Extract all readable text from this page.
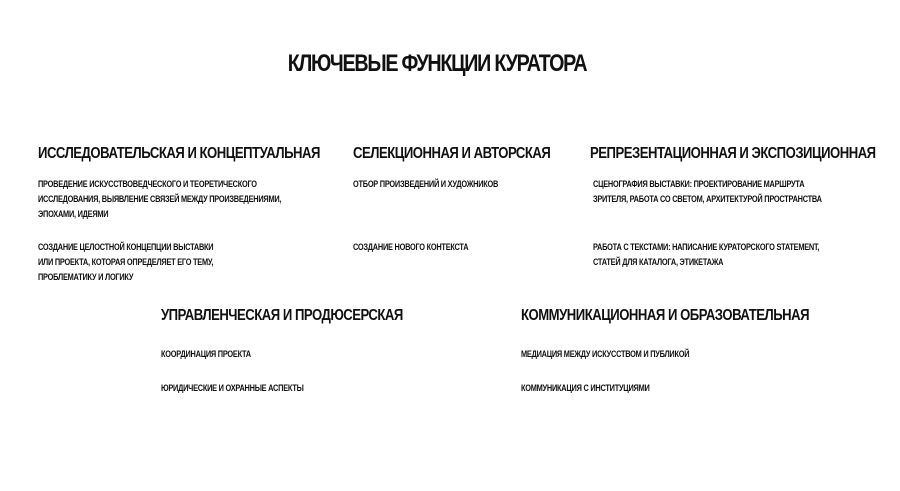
КЛЮЧЕВЫЕ ФУНКЦИИ КУРАТОРА
ИССЛЕДОВАТЕЛЬСКАЯ И КОНЦЕПТУАЛЬНАЯ
ПРОВЕДЕНИЕ ИСКУССТВОВЕДЧЕСКОГО И ТЕОРЕТИЧЕСКОГО ИССЛЕДОВАНИЯ, ВЫЯВЛЕНИЕ СВЯЗЕЙ МЕЖДУ ПРОИЗВЕДЕНИЯМИ, ЭПОХАМИ, ИДЕЯМИ
СОЗДАНИЕ ЦЕЛОСТНОЙ КОНЦЕПЦИИ ВЫСТАВКИ ИЛИ ПРОЕКТА, КОТОРАЯ ОПРЕДЕЛЯЕТ ЕГО ТЕМУ, ПРОБЛЕМАТИКУ И ЛОГИКУ
СЕЛЕКЦИОННАЯ И АВТОРСКАЯ
ОТБОР ПРОИЗВЕДЕНИЙ И ХУДОЖНИКОВ
СОЗДАНИЕ НОВОГО КОНТЕКСТА
РЕПРЕЗЕНТАЦИОННАЯ И ЭКСПОЗИЦИОННАЯ
СЦЕНОГРАФИЯ ВЫСТАВКИ: ПРОЕКТИРОВАНИЕ МАРШРУТА ЗРИТЕЛЯ, РАБОТА СО СВЕТОМ, АРХИТЕКТУРОЙ ПРОСТРАНСТВА
РАБОТА С ТЕКСТАМИ: НАПИСАНИЕ КУРАТОРСКОГО STATEMENT, СТАТЕЙ ДЛЯ КАТАЛОГА, ЭТИКЕТАЖА
УПРАВЛЕНЧЕСКАЯ И ПРОДЮСЕРСКАЯ
КООРДИНАЦИЯ ПРОЕКТА
ЮРИДИЧЕСКИЕ И ОХРАННЫЕ АСПЕКТЫ
КОММУНИКАЦИОННАЯ И ОБРАЗОВАТЕЛЬНАЯ
МЕДИАЦИЯ МЕЖДУ ИСКУССТВОМ И ПУБЛИКОЙ
КОММУНИКАЦИЯ С ИНСТИТУЦИЯМИ
